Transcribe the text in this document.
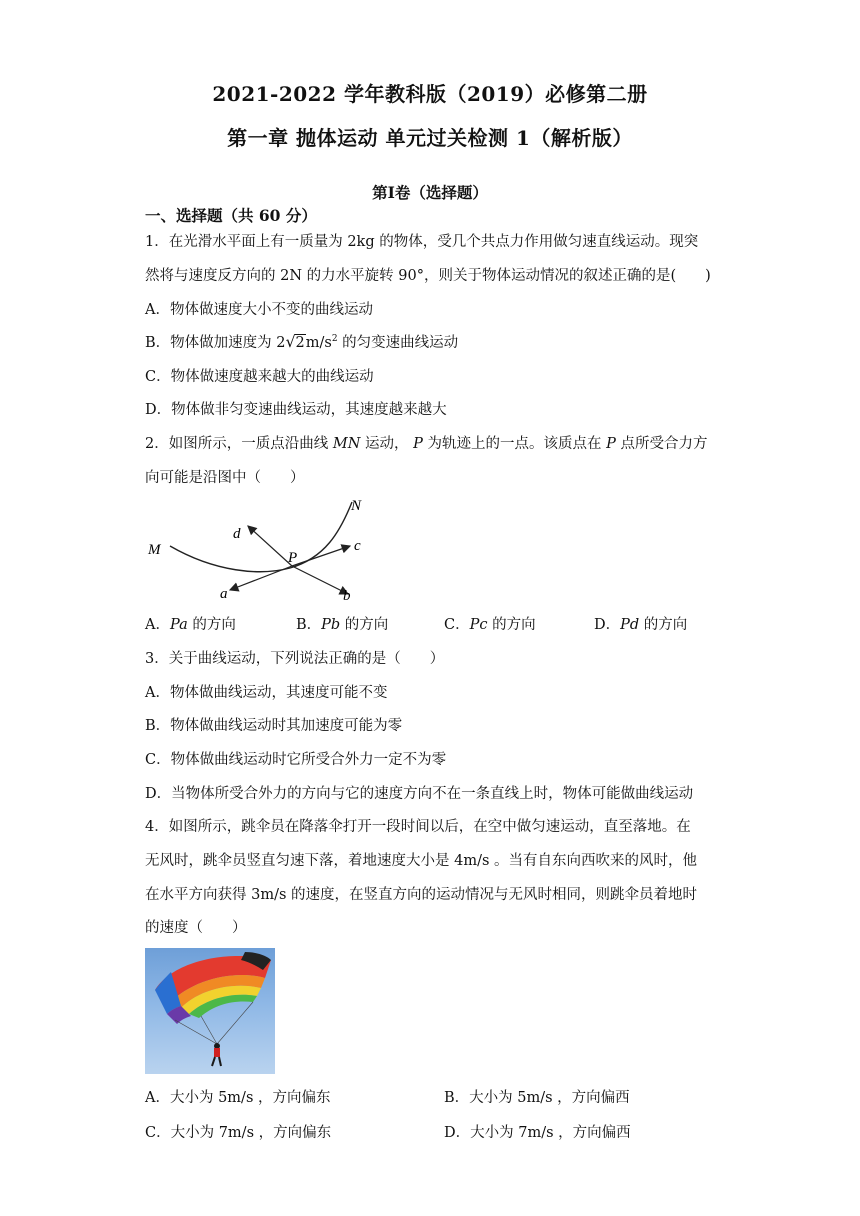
2021-2022 学年教科版（2019）必修第二册
第一章 抛体运动 单元过关检测 1（解析版）
第Ⅰ卷（选择题）
一、选择题（共 60 分）
1．在光滑水平面上有一质量为 2kg 的物体，受几个共点力作用做匀速直线运动。现突
然将与速度反方向的 2N 的力水平旋转 90°，则关于物体运动情况的叙述正确的是(　　)
A．物体做速度大小不变的曲线运动
B．物体做加速度为 2 √ $2m/s^2$ 的匀变速曲线运动
C．物体做速度越来越大的曲线运动
D．物体做非匀变速曲线运动，其速度越来越大
2．如图所示，一质点沿曲线 MN 运动， P 为轨迹上的一点。该质点在 P 点所受合力方
向可能是沿图中（　　）
M
N
P
a	b
c
d
A．Pa 的方向	B．Pb 的方向	C．Pc 的方向	D．Pd 的方向
3．关于曲线运动，下列说法正确的是（　　）
A．物体做曲线运动，其速度可能不变
B．物体做曲线运动时其加速度可能为零
C．物体做曲线运动时它所受合外力一定不为零
D．当物体所受合外力的方向与它的速度方向不在一条直线上时，物体可能做曲线运动
4．如图所示，跳伞员在降落伞打开一段时间以后，在空中做匀速运动，直至落地。在
无风时，跳伞员竖直匀速下落，着地速度大小是 4m/s 。当有自东向西吹来的风时，他
在水平方向获得 3m/s 的速度，在竖直方向的运动情况与无风时相同，则跳伞员着地时
的速度（　　）
A．大小为 5m/s ，方向偏东	B．大小为 5m/s ，方向偏西
C．大小为 7m/s ，方向偏东	D．大小为 7m/s ，方向偏西
